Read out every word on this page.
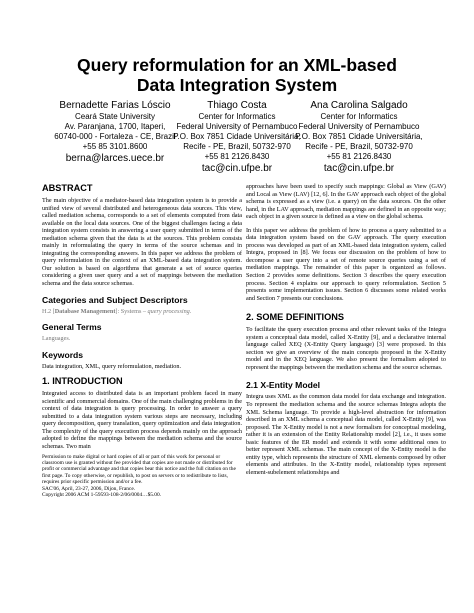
Query reformulation for an XML-based
Data Integration System
Bernadette Farias Lóscio
Ceará State University
Av. Paranjana, 1700, Itaperi,
60740-000 - Fortaleza - CE, Brazil
+55 85 3101.8600
berna@larces.uece.br
Thiago Costa
Center for Informatics
Federal University of Pernambuco
P.O. Box 7851 Cidade Universitária,
Recife - PE, Brazil, 50732-970
+55 81 2126.8430
tac@cin.ufpe.br
Ana Carolina Salgado
Center for Informatics
Federal University of Pernambuco
P.O. Box 7851 Cidade Universitária,
Recife - PE, Brazil, 50732-970
+55 81 2126.8430
tac@cin.ufpe.br
ABSTRACT

The main objective of a mediator-based data integration system is to provide a unified view of several distributed and heterogeneous data sources. This view, called mediation schema, corresponds to a set of elements computed from data available on the local data sources. One of the biggest challenges facing a data integration system consists in answering a user query submitted in terms of the mediation schema given that the data is at the sources. This problem consists mainly in reformulating the query in terms of the source schemas and in integrating the corresponding answers. In this paper we address the problem of query reformulation in the context of an XML-based data integration system. Our solution is based on algorithms that generate a set of source queries considering a given user query and a set of mappings between the mediation schema and the data source schemas.

Categories and Subject Descriptors

H.2 [Database Management]: Systems – query processing.

General Terms

Languages.

Keywords

Data integration, XML, query reformulation, mediation.

1. INTRODUCTION

Integrated access to distributed data is an important problem faced in many scientific and commercial domains. One of the main challenging problems in the context of data integration is query processing. In order to answer a query submitted to a data integration system various steps are necessary, including query decomposition, query translation, query optimization and data integration. The complexity of the query execution process depends mainly on the approach adopted to define the mappings between the mediation schema and the source schemas. Two main

Permission to make digital or hard copies of all or part of this work for personal or classroom use is granted without fee provided that copies are not made or distributed for profit or commercial advantage and that copies bear this notice and the full citation on the first page. To copy otherwise, or republish, to post on servers or to redistribute to lists, requires prior specific permission and/or a fee.

SAC'06, April, 23-27, 2006, Dijon, France.

Copyright 2006 ACM 1-59593-108-2/06/0004…$5.00.

approaches have been used to specify such mappings: Global as View (GAV) and Local as View (LAV) [12, 6]. In the GAV approach each object of the global schema is expressed as a view (i.e. a query) on the data sources. On the other hand, in the LAV approach, mediation mappings are defined in an opposite way; each object in a given source is defined as a view on the global schema.

In this paper we address the problem of how to process a query submitted to a data integration system based on the GAV approach. The query execution process was developed as part of an XML-based data integration system, called Integra, proposed in [8]. We focus our discussion on the problem of how to decompose a user query into a set of remote source queries using a set of mediation mappings. The remainder of this paper is organized as follows. Section 2 provides some definitions. Section 3 describes the query execution process. Section 4 explains our approach to query reformulation. Section 5 presents some implementation issues. Section 6 discusses some related works and Section 7 presents our conclusions.

2. SOME DEFINITIONS

To facilitate the query execution process and other relevant tasks of the Integra system a conceptual data model, called X-Entity [9], and a declarative internal language called XEQ (X-Entity Query language) [3] were proposed. In this section we give an overview of the main concepts proposed in the X-Entity model and in the XEQ language. We also present the formalism adopted to represent the mappings between the mediation schema and the source schemas.

2.1 X-Entity Model

Integra uses XML as the common data model for data exchange and integration. To represent the mediation schema and the source schemas Integra adopts the XML Schema language. To provide a high-level abstraction for information described in an XML schema a conceptual data model, called X-Entity [9], was proposed. The X-Entity model is not a new formalism for conceptual modeling, rather it is an extension of the Entity Relationship model [2], i.e., it uses some basic features of the ER model and extends it with some additional ones to better represent XML schemas. The main concept of the X-Entity model is the entity type, which represents the structure of XML elements composed by other elements and attributes. In the X-Entity model, relationship types represent element-subelement relationships and
